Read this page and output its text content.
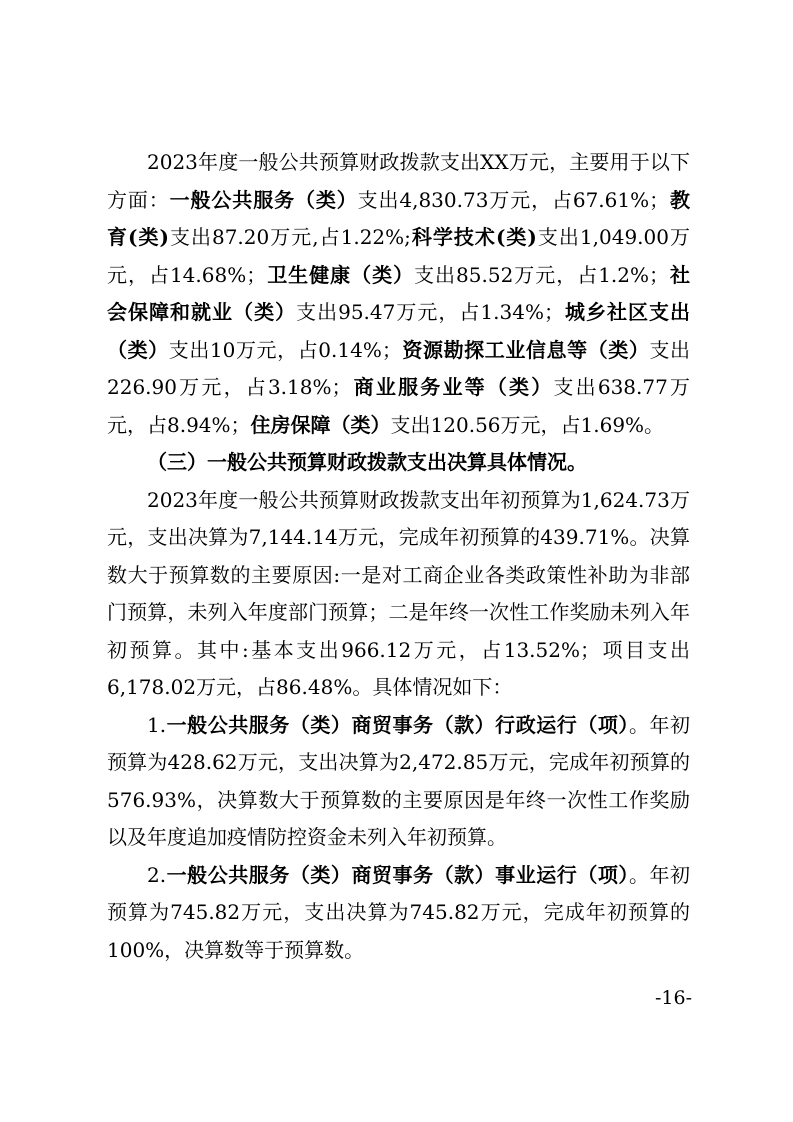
2023年度一般公共预算财政拨款支出XX万元，主要用于以下方面：一般公共服务（类）支出4,830.73万元，占67.61%；教育(类)支出87.20万元,占1.22%;科学技术(类)支出1,049.00万元，占14.68%；卫生健康（类）支出85.52万元，占1.2%；社会保障和就业（类）支出95.47万元，占1.34%；城乡社区支出（类）支出10万元，占0.14%；资源勘探工业信息等（类）支出226.90万元，占3.18%；商业服务业等（类）支出638.77万元，占8.94%；住房保障（类）支出120.56万元，占1.69%。

（三）一般公共预算财政拨款支出决算具体情况。

2023年度一般公共预算财政拨款支出年初预算为1,624.73万元，支出决算为7,144.14万元，完成年初预算的439.71%。决算数大于预算数的主要原因:一是对工商企业各类政策性补助为非部门预算，未列入年度部门预算；二是年终一次性工作奖励未列入年初预算。其中:基本支出966.12万元，占13.52%；项目支出6,178.02万元，占86.48%。具体情况如下：

1.一般公共服务（类）商贸事务（款）行政运行（项）。年初预算为428.62万元，支出决算为2,472.85万元，完成年初预算的576.93%，决算数大于预算数的主要原因是年终一次性工作奖励以及年度追加疫情防控资金未列入年初预算。

2.一般公共服务（类）商贸事务（款）事业运行（项）。年初预算为745.82万元，支出决算为745.82万元，完成年初预算的100%，决算数等于预算数。

-16-
